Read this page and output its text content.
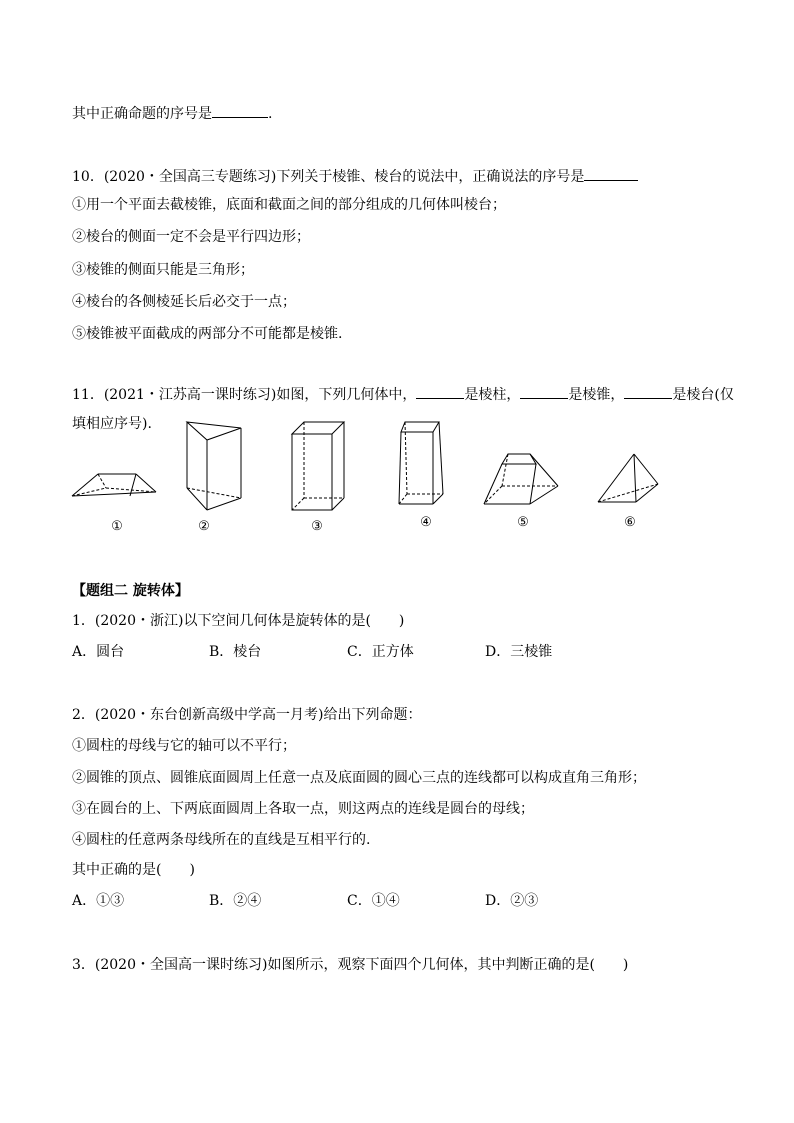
其中正确命题的序号是	.
10．(2020・全国高三专题练习)下列关于棱锥、棱台的说法中，正确说法的序号是
①用一个平面去截棱锥，底面和截面之间的部分组成的几何体叫棱台；
②棱台的侧面一定不会是平行四边形；
③棱锥的侧面只能是三角形；
④棱台的各侧棱延长后必交于一点；
⑤棱锥被平面截成的两部分不可能都是棱锥.
11．(2021・江苏高一课时练习)如图，下列几何体中，	是棱柱，	是棱锥，	是棱台(仅
填相应序号).
①	②	③	④	⑤	⑥
【题组二 旋转体】
1．(2020・浙江)以下空间几何体是旋转体的是(　　)
A．圆台	B．棱台	C．正方体	D．三棱锥
2．(2020・东台创新高级中学高一月考)给出下列命题：
①圆柱的母线与它的轴可以不平行；
②圆锥的顶点、圆锥底面圆周上任意一点及底面圆的圆心三点的连线都可以构成直角三角形；
③在圆台的上、下两底面圆周上各取一点，则这两点的连线是圆台的母线；
④圆柱的任意两条母线所在的直线是互相平行的.
其中正确的是(　　)
A．①③	B．②④	C．①④	D．②③
3．(2020・全国高一课时练习)如图所示，观察下面四个几何体，其中判断正确的是(　　)
